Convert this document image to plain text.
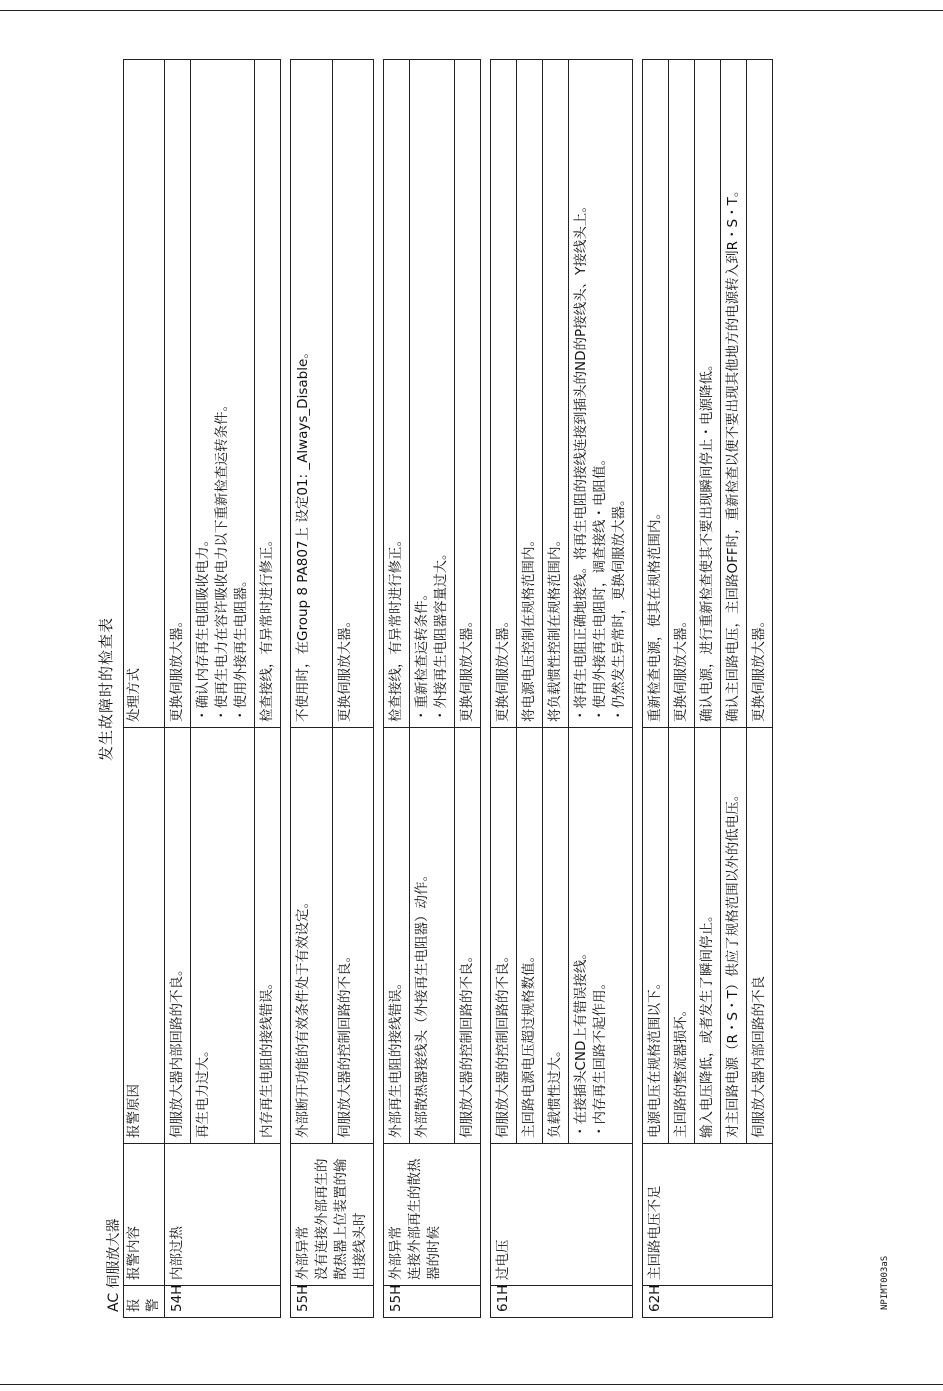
发生故障时的检查表
AC 伺服放大器 报警	报警内容	报警原因	处理方式
54H	内部过热	伺服放大器内部回路的不良。	更换伺服放大器。

		再生电力过大。	・确认内存再生电阻吸收电力。 ・使再生电力在容许吸收电力以下重新检查运转条件。 ・使用外接再生电阻器。

		内存再生电阻的接线错误。	检查接线，有异常时进行修正。

55H	外部异常 没有连接外部再生的散热器上位装置的输出接线头时	外部断开功能的有效条件处于有效设定。	不使用时，在Group 8 PA807上 设定01: _Always_Disable。

		伺服放大器的控制回路的不良。	更换伺服放大器。

55H	外部异常 连接外部再生的散热器的时候	外部再生电阻的接线错误。	检查接线，有异常时进行修正。

		外部散热器接线头（外接再生电阻器）动作。	・重新检查运转条件。 ・外接再生电阻器容量过大。

		伺服放大器的控制回路的不良。	更换伺服放大器。

61H	过电压	伺服放大器的控制回路的不良。	更换伺服放大器。

		主回路电源电压超过规格数值。	将电源电压控制在规格范围内。

		负载惯性过大。	将负载惯性控制在规格范围内。

		・在接插头CND上有错误接线。 ・内存再生回路不起作用。	・将再生电阻正确地接线。将再生电阻的接线连接到插头的ND的P接线头、Y接线头上。 ・使用外接再生电阻时，调查接线・电阻值。 ・仍然发生异常时，更换伺服放大器。

62H	主回路电压不足	电源电压在规格范围以下。	重新检查电源，使其在规格范围内。

		主回路的整流器损坏。	更换伺服放大器。

		输入电压降低，或者发生了瞬间停止。	确认电源，进行重新检查使其不要出现瞬间停止・电源降低。

		对主回路电源（R・S・T）供应了规格范围以外的低电压。	确认主回路电压，主回路OFF时，重新检查以便不要出现其他地方的电源转入到R・S・T。

		伺服放大器内部回路的不良	更换伺服放大器。
NPIMT003aS
